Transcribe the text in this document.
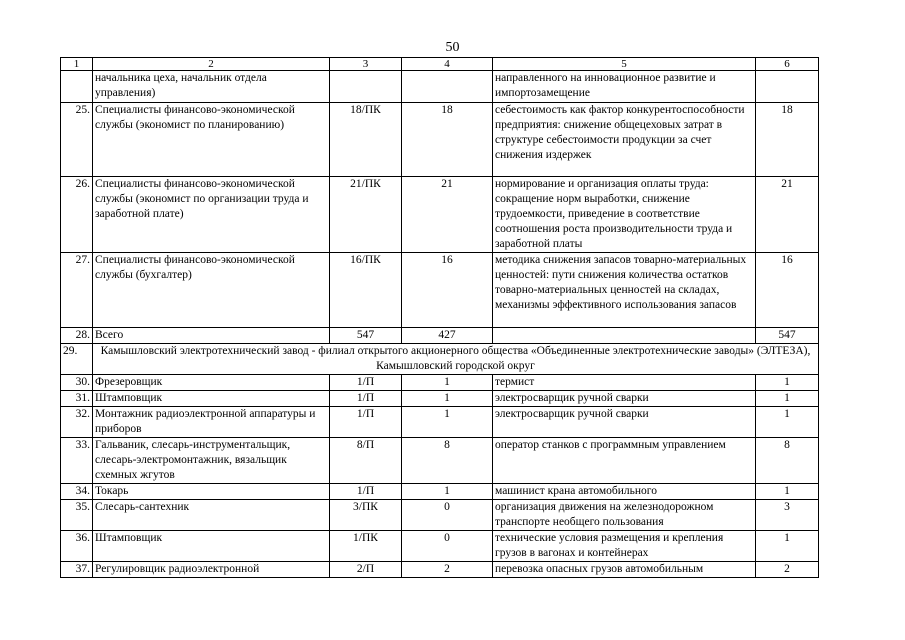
50
1	2	3	4	5	6
	начальника цеха, начальник отдела управления)			направленного на инновационное развитие и импортозамещение	
25.	Специалисты финансово-экономической службы (экономист по планированию)	18/ПК	18	себестоимость как фактор конкурентоспособности предприятия: снижение общецеховых затрат в структуре себестоимости продукции за счет снижения издержек	18
26.	Специалисты финансово-экономической службы (экономист по организации труда и заработной плате)	21/ПК	21	нормирование и организация оплаты труда: сокращение норм выработки, снижение трудоемкости, приведение в соответствие соотношения роста производительности труда и заработной платы	21
27.	Специалисты финансово-экономической службы (бухгалтер)	16/ПК	16	методика снижения запасов товарно-материальных ценностей: пути снижения количества остатков товарно-материальных ценностей на складах, механизмы эффективного использования запасов	16
28.	Всего	547	427		547
29.	Камышловский электротехнический завод - филиал открытого акционерного общества «Объединенные электротехнические заводы» (ЭЛТЕЗА), Камышловский городской округ				
30.	Фрезеровщик	1/П	1	термист	1
31.	Штамповщик	1/П	1	электросварщик ручной сварки	1
32.	Монтажник радиоэлектронной аппаратуры и приборов	1/П	1	электросварщик ручной сварки	1
33.	Гальваник, слесарь-инструментальщик, слесарь-электромонтажник, вязальщик схемных жгутов	8/П	8	оператор станков с программным управлением	8
34.	Токарь	1/П	1	машинист крана автомобильного	1
35.	Слесарь-сантехник	3/ПК	0	организация движения на железнодорожном транспорте необщего пользования	3
36.	Штамповщик	1/ПК	0	технические условия размещения и крепления грузов в вагонах и контейнерах	1
37.	Регулировщик радиоэлектронной	2/П	2	перевозка опасных грузов автомобильным	2
